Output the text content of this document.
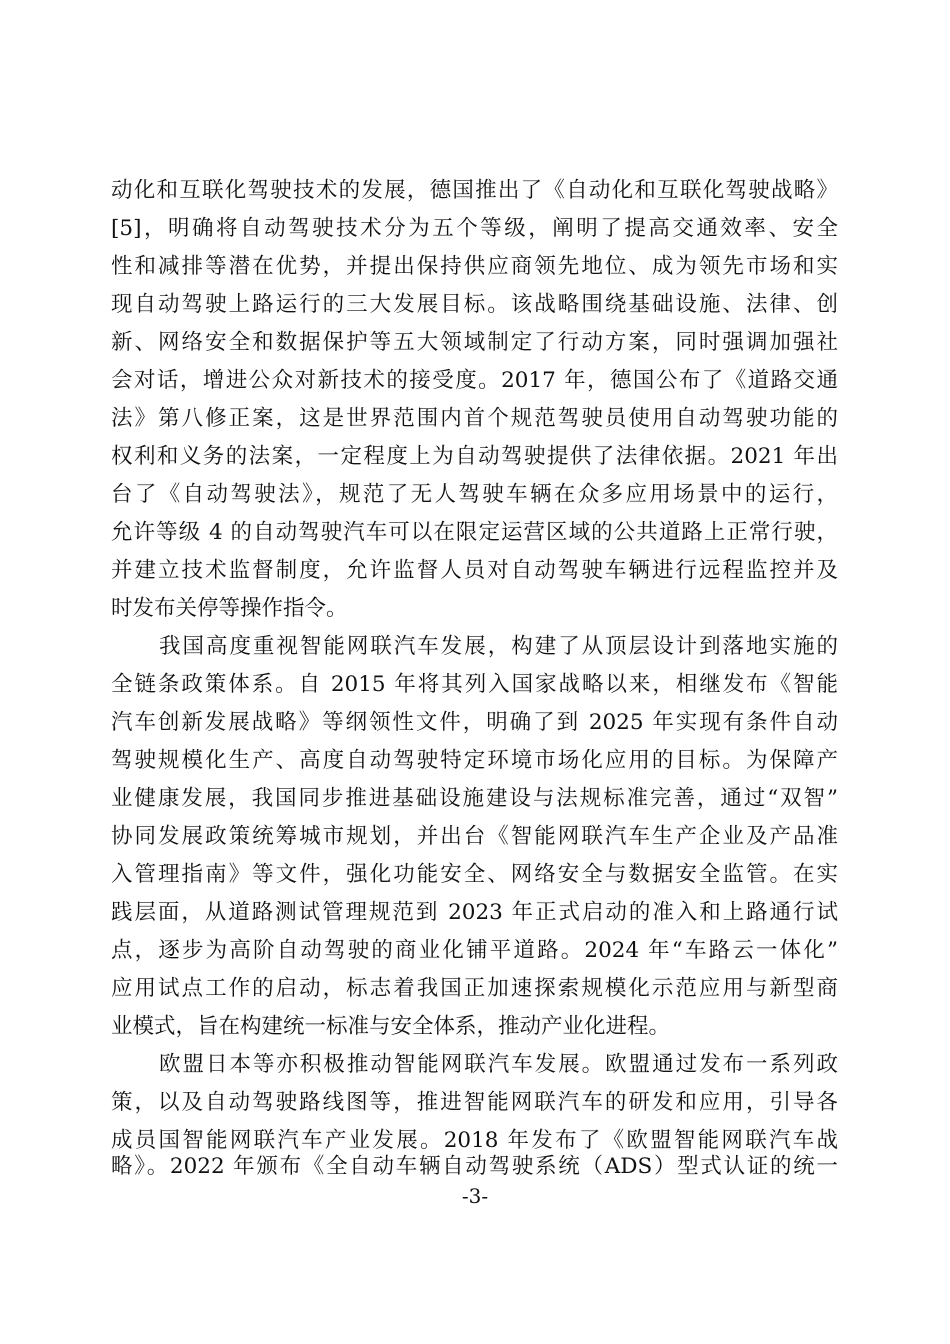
动化和互联化驾驶技术的发展，德国推出了《自动化和互联化驾驶战略》
[5]，明确将自动驾驶技术分为五个等级，阐明了提高交通效率、安全
性和减排等潜在优势，并提出保持供应商领先地位、成为领先市场和实
现自动驾驶上路运行的三大发展目标。该战略围绕基础设施、法律、创
新、网络安全和数据保护等五大领域制定了行动方案，同时强调加强社
会对话，增进公众对新技术的接受度。2017 年，德国公布了《道路交通
法》第八修正案，这是世界范围内首个规范驾驶员使用自动驾驶功能的
权利和义务的法案，一定程度上为自动驾驶提供了法律依据。2021 年出
台了《自动驾驶法》，规范了无人驾驶车辆在众多应用场景中的运行，
允许等级 4 的自动驾驶汽车可以在限定运营区域的公共道路上正常行驶，
并建立技术监督制度，允许监督人员对自动驾驶车辆进行远程监控并及
时发布关停等操作指令。
我国高度重视智能网联汽车发展，构建了从顶层设计到落地实施的
全链条政策体系。自 2015 年将其列入国家战略以来，相继发布《智能
汽车创新发展战略》等纲领性文件，明确了到 2025 年实现有条件自动
驾驶规模化生产、高度自动驾驶特定环境市场化应用的目标。为保障产
业健康发展，我国同步推进基础设施建设与法规标准完善，通过“双智”
协同发展政策统筹城市规划，并出台《智能网联汽车生产企业及产品准
入管理指南》等文件，强化功能安全、网络安全与数据安全监管。在实
践层面，从道路测试管理规范到 2023 年正式启动的准入和上路通行试
点，逐步为高阶自动驾驶的商业化铺平道路。2024 年“车路云一体化”
应用试点工作的启动，标志着我国正加速探索规模化示范应用与新型商
业模式，旨在构建统一标准与安全体系，推动产业化进程。
欧盟日本等亦积极推动智能网联汽车发展。欧盟通过发布一系列政
策，以及自动驾驶路线图等，推进智能网联汽车的研发和应用，引导各
成员国智能网联汽车产业发展。2018 年发布了《欧盟智能网联汽车战
略》。2022 年颁布《全自动车辆自动驾驶系统（ADS）型式认证的统一
-3-
